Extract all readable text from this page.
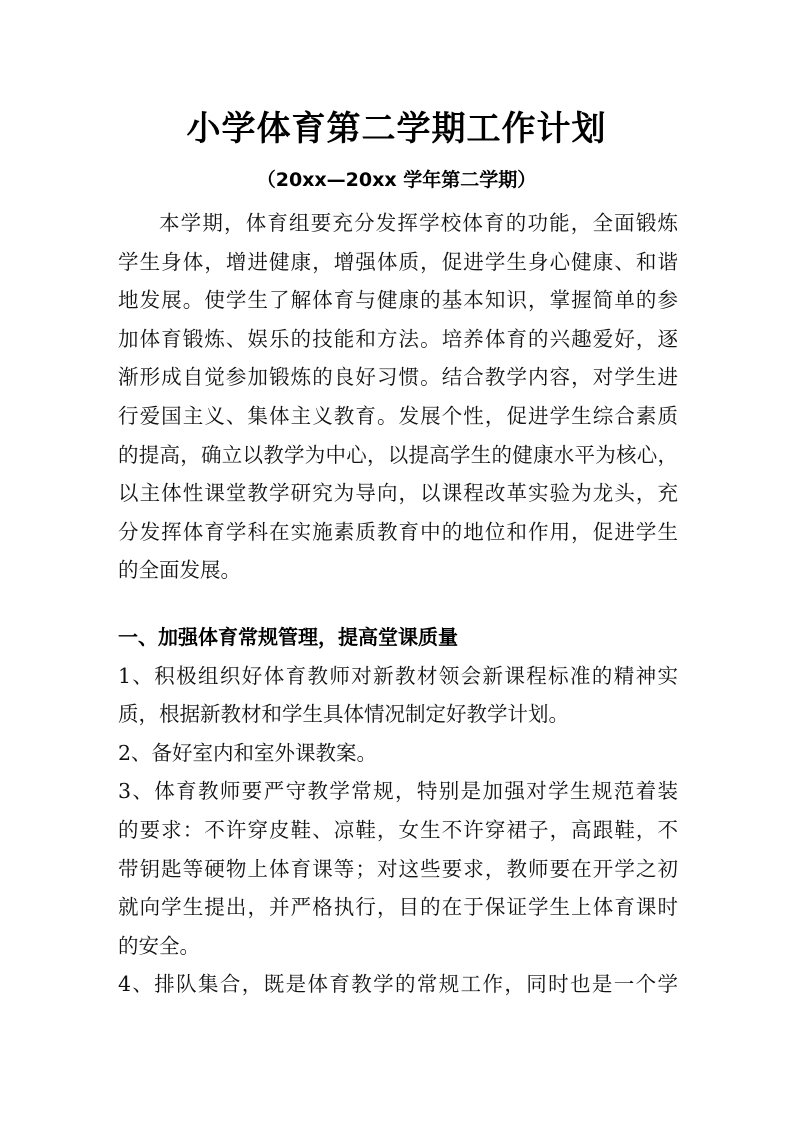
小学体育第二学期工作计划
（20xx—20xx 学年第二学期）
本学期，体育组要充分发挥学校体育的功能，全面锻炼
学生身体，增进健康，增强体质，促进学生身心健康、和谐
地发展。使学生了解体育与健康的基本知识，掌握简单的参
加体育锻炼、娱乐的技能和方法。培养体育的兴趣爱好，逐
渐形成自觉参加锻炼的良好习惯。结合教学内容，对学生进
行爱国主义、集体主义教育。发展个性，促进学生综合素质
的提高，确立以教学为中心，以提高学生的健康水平为核心，
以主体性课堂教学研究为导向，以课程改革实验为龙头，充
分发挥体育学科在实施素质教育中的地位和作用，促进学生
的全面发展。
一、加强体育常规管理，提高堂课质量
1、积极组织好体育教师对新教材领会新课程标准的精神实
质，根据新教材和学生具体情况制定好教学计划。
2、备好室内和室外课教案。
3、体育教师要严守教学常规，特别是加强对学生规范着装
的要求：不许穿皮鞋、凉鞋，女生不许穿裙子，高跟鞋，不
带钥匙等硬物上体育课等；对这些要求，教师要在开学之初
就向学生提出，并严格执行，目的在于保证学生上体育课时
的安全。
4、排队集合，既是体育教学的常规工作，同时也是一个学
